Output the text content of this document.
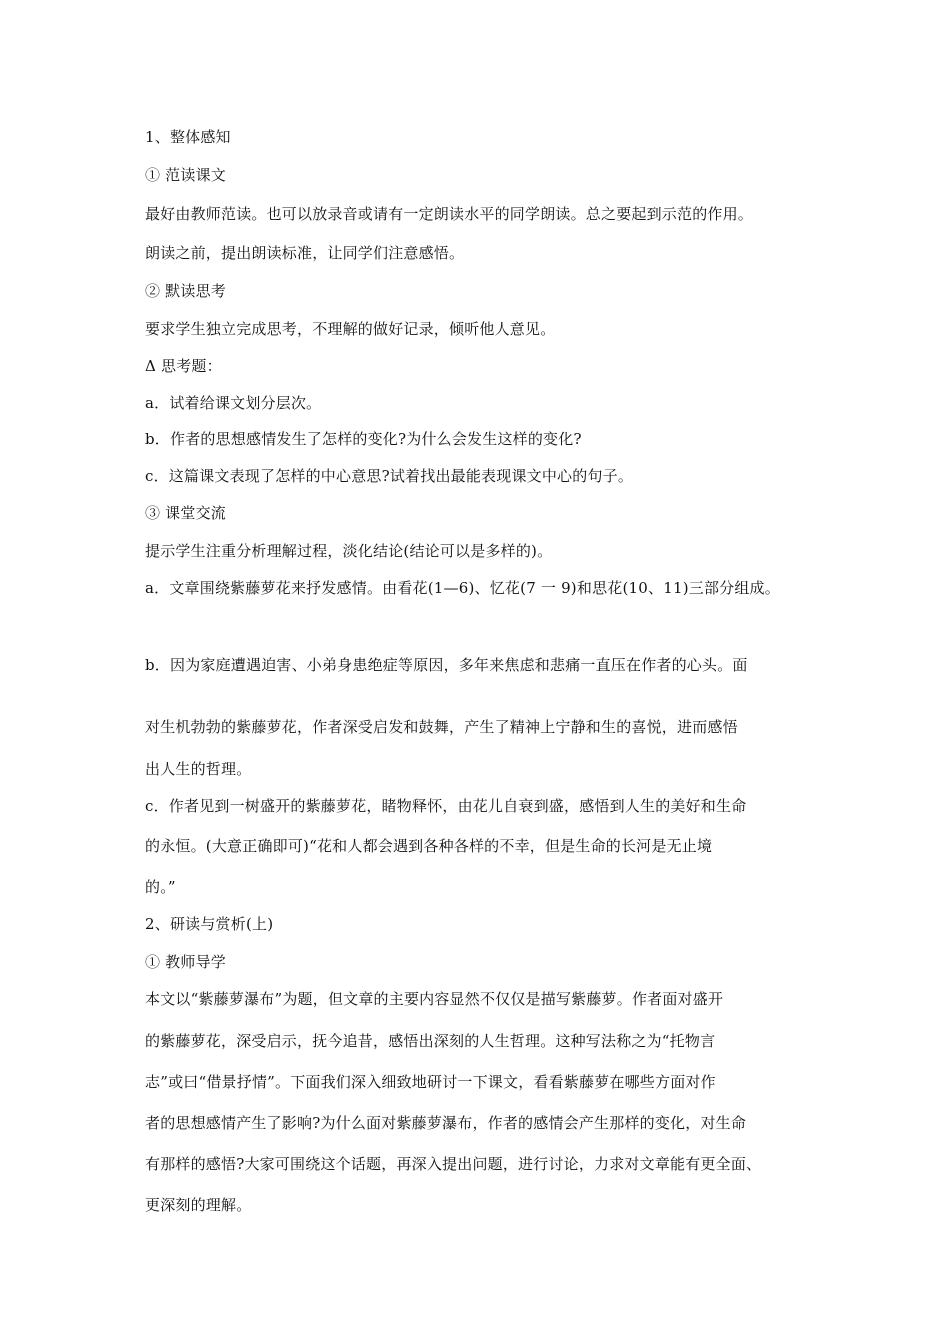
1、整体感知
① 范读课文
最好由教师范读。也可以放录音或请有一定朗读水平的同学朗读。总之要起到示范的作用。
朗读之前，提出朗读标准，让同学们注意感悟。
② 默读思考
要求学生独立完成思考，不理解的做好记录，倾听他人意见。
Δ 思考题：
a．试着给课文划分层次。
b．作者的思想感情发生了怎样的变化?为什么会发生这样的变化?
c．这篇课文表现了怎样的中心意思?试着找出最能表现课文中心的句子。
③ 课堂交流
提示学生注重分析理解过程，淡化结论(结论可以是多样的)。
a．文章围绕紫藤萝花来抒发感情。由看花(1—6)、忆花(7 一 9)和思花(10、11)三部分组成。
b．因为家庭遭遇迫害、小弟身患绝症等原因，多年来焦虑和悲痛一直压在作者的心头。面
对生机勃勃的紫藤萝花，作者深受启发和鼓舞，产生了精神上宁静和生的喜悦，进而感悟
出人生的哲理。
c．作者见到一树盛开的紫藤萝花，睹物释怀，由花儿自衰到盛，感悟到人生的美好和生命
的永恒。(大意正确即可)“花和人都会遇到各种各样的不幸，但是生命的长河是无止境
的。”
2、研读与赏析(上)
① 教师导学
本文以“紫藤萝瀑布”为题，但文章的主要内容显然不仅仅是描写紫藤萝。作者面对盛开
的紫藤萝花，深受启示，抚今追昔，感悟出深刻的人生哲理。这种写法称之为“托物言
志”或曰“借景抒情”。下面我们深入细致地研讨一下课文，看看紫藤萝在哪些方面对作
者的思想感情产生了影响?为什么面对紫藤萝瀑布，作者的感情会产生那样的变化，对生命
有那样的感悟?大家可围绕这个话题，再深入提出问题，进行讨论，力求对文章能有更全面、
更深刻的理解。
